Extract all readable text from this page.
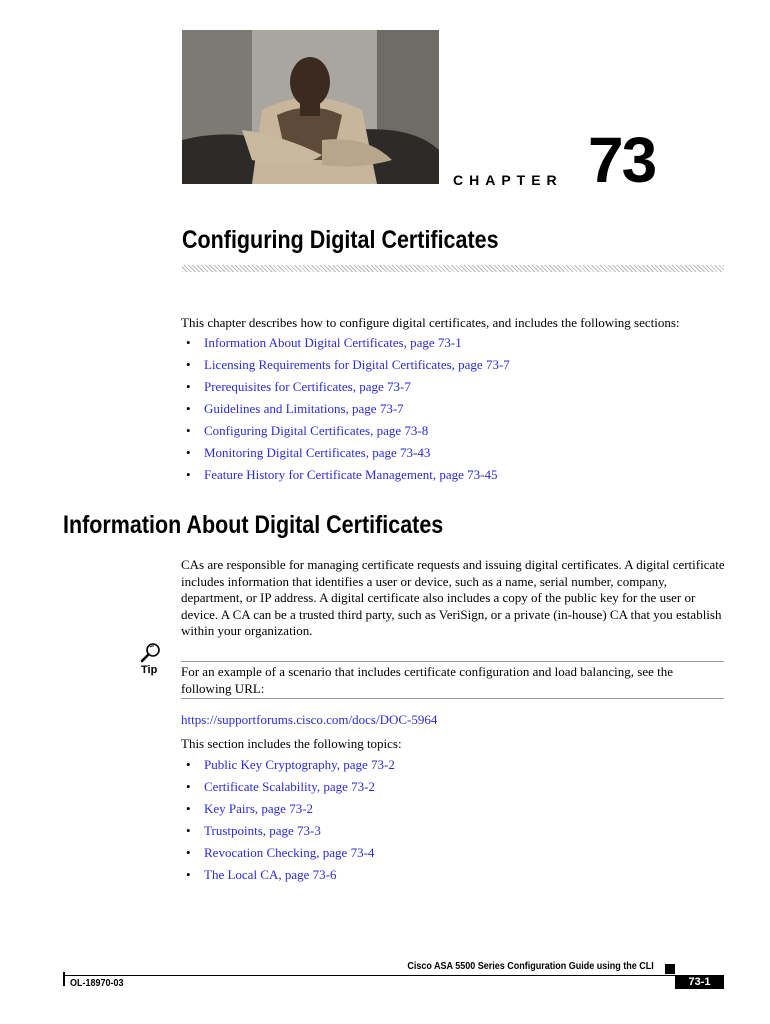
CHAPTER 73
Configuring Digital Certificates
This chapter describes how to configure digital certificates, and includes the following sections:
• Information About Digital Certificates, page 73-1
• Licensing Requirements for Digital Certificates, page 73-7
• Prerequisites for Certificates, page 73-7
• Guidelines and Limitations, page 73-7
• Configuring Digital Certificates, page 73-8
• Monitoring Digital Certificates, page 73-43
• Feature History for Certificate Management, page 73-45
Information About Digital Certificates
CAs are responsible for managing certificate requests and issuing digital certificates. A digital certificate includes information that identifies a user or device, such as a name, serial number, company, department, or IP address. A digital certificate also includes a copy of the public key for the user or device. A CA can be a trusted third party, such as VeriSign, or a private (in-house) CA that you establish within your organization.
Tip For an example of a scenario that includes certificate configuration and load balancing, see the following URL:
https://supportforums.cisco.com/docs/DOC-5964
This section includes the following topics:
• Public Key Cryptography, page 73-2
• Certificate Scalability, page 73-2
• Key Pairs, page 73-2
• Trustpoints, page 73-3
• Revocation Checking, page 73-4
• The Local CA, page 73-6
Cisco ASA 5500 Series Configuration Guide using the CLI
OL-18970-03	73-1
